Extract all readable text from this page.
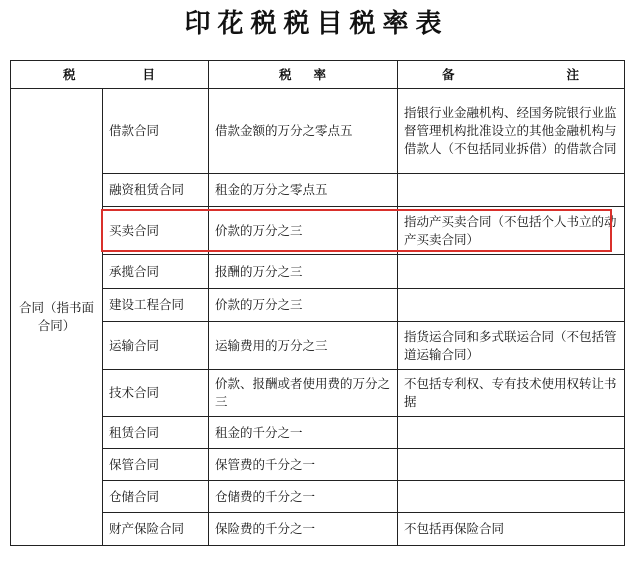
印花税税目税率表
税 目		税 率	备 注

合同（指书面合同）	借款合同	借款金额的万分之零点五	指银行业金融机构、经国务院银行业监督管理机构批准设立的其他金融机构与借款人（不包括同业拆借）的借款合同
	融资租赁合同	租金的万分之零点五	
	买卖合同	价款的万分之三	指动产买卖合同（不包括个人书立的动产买卖合同）
	承揽合同	报酬的万分之三	
	建设工程合同	价款的万分之三	
	运输合同	运输费用的万分之三	指货运合同和多式联运合同（不包括管道运输合同）
	技术合同	价款、报酬或者使用费的万分之三	不包括专利权、专有技术使用权转让书据
	租赁合同	租金的千分之一	
	保管合同	保管费的千分之一	
	仓储合同	仓储费的千分之一	
	财产保险合同	保险费的千分之一	不包括再保险合同
